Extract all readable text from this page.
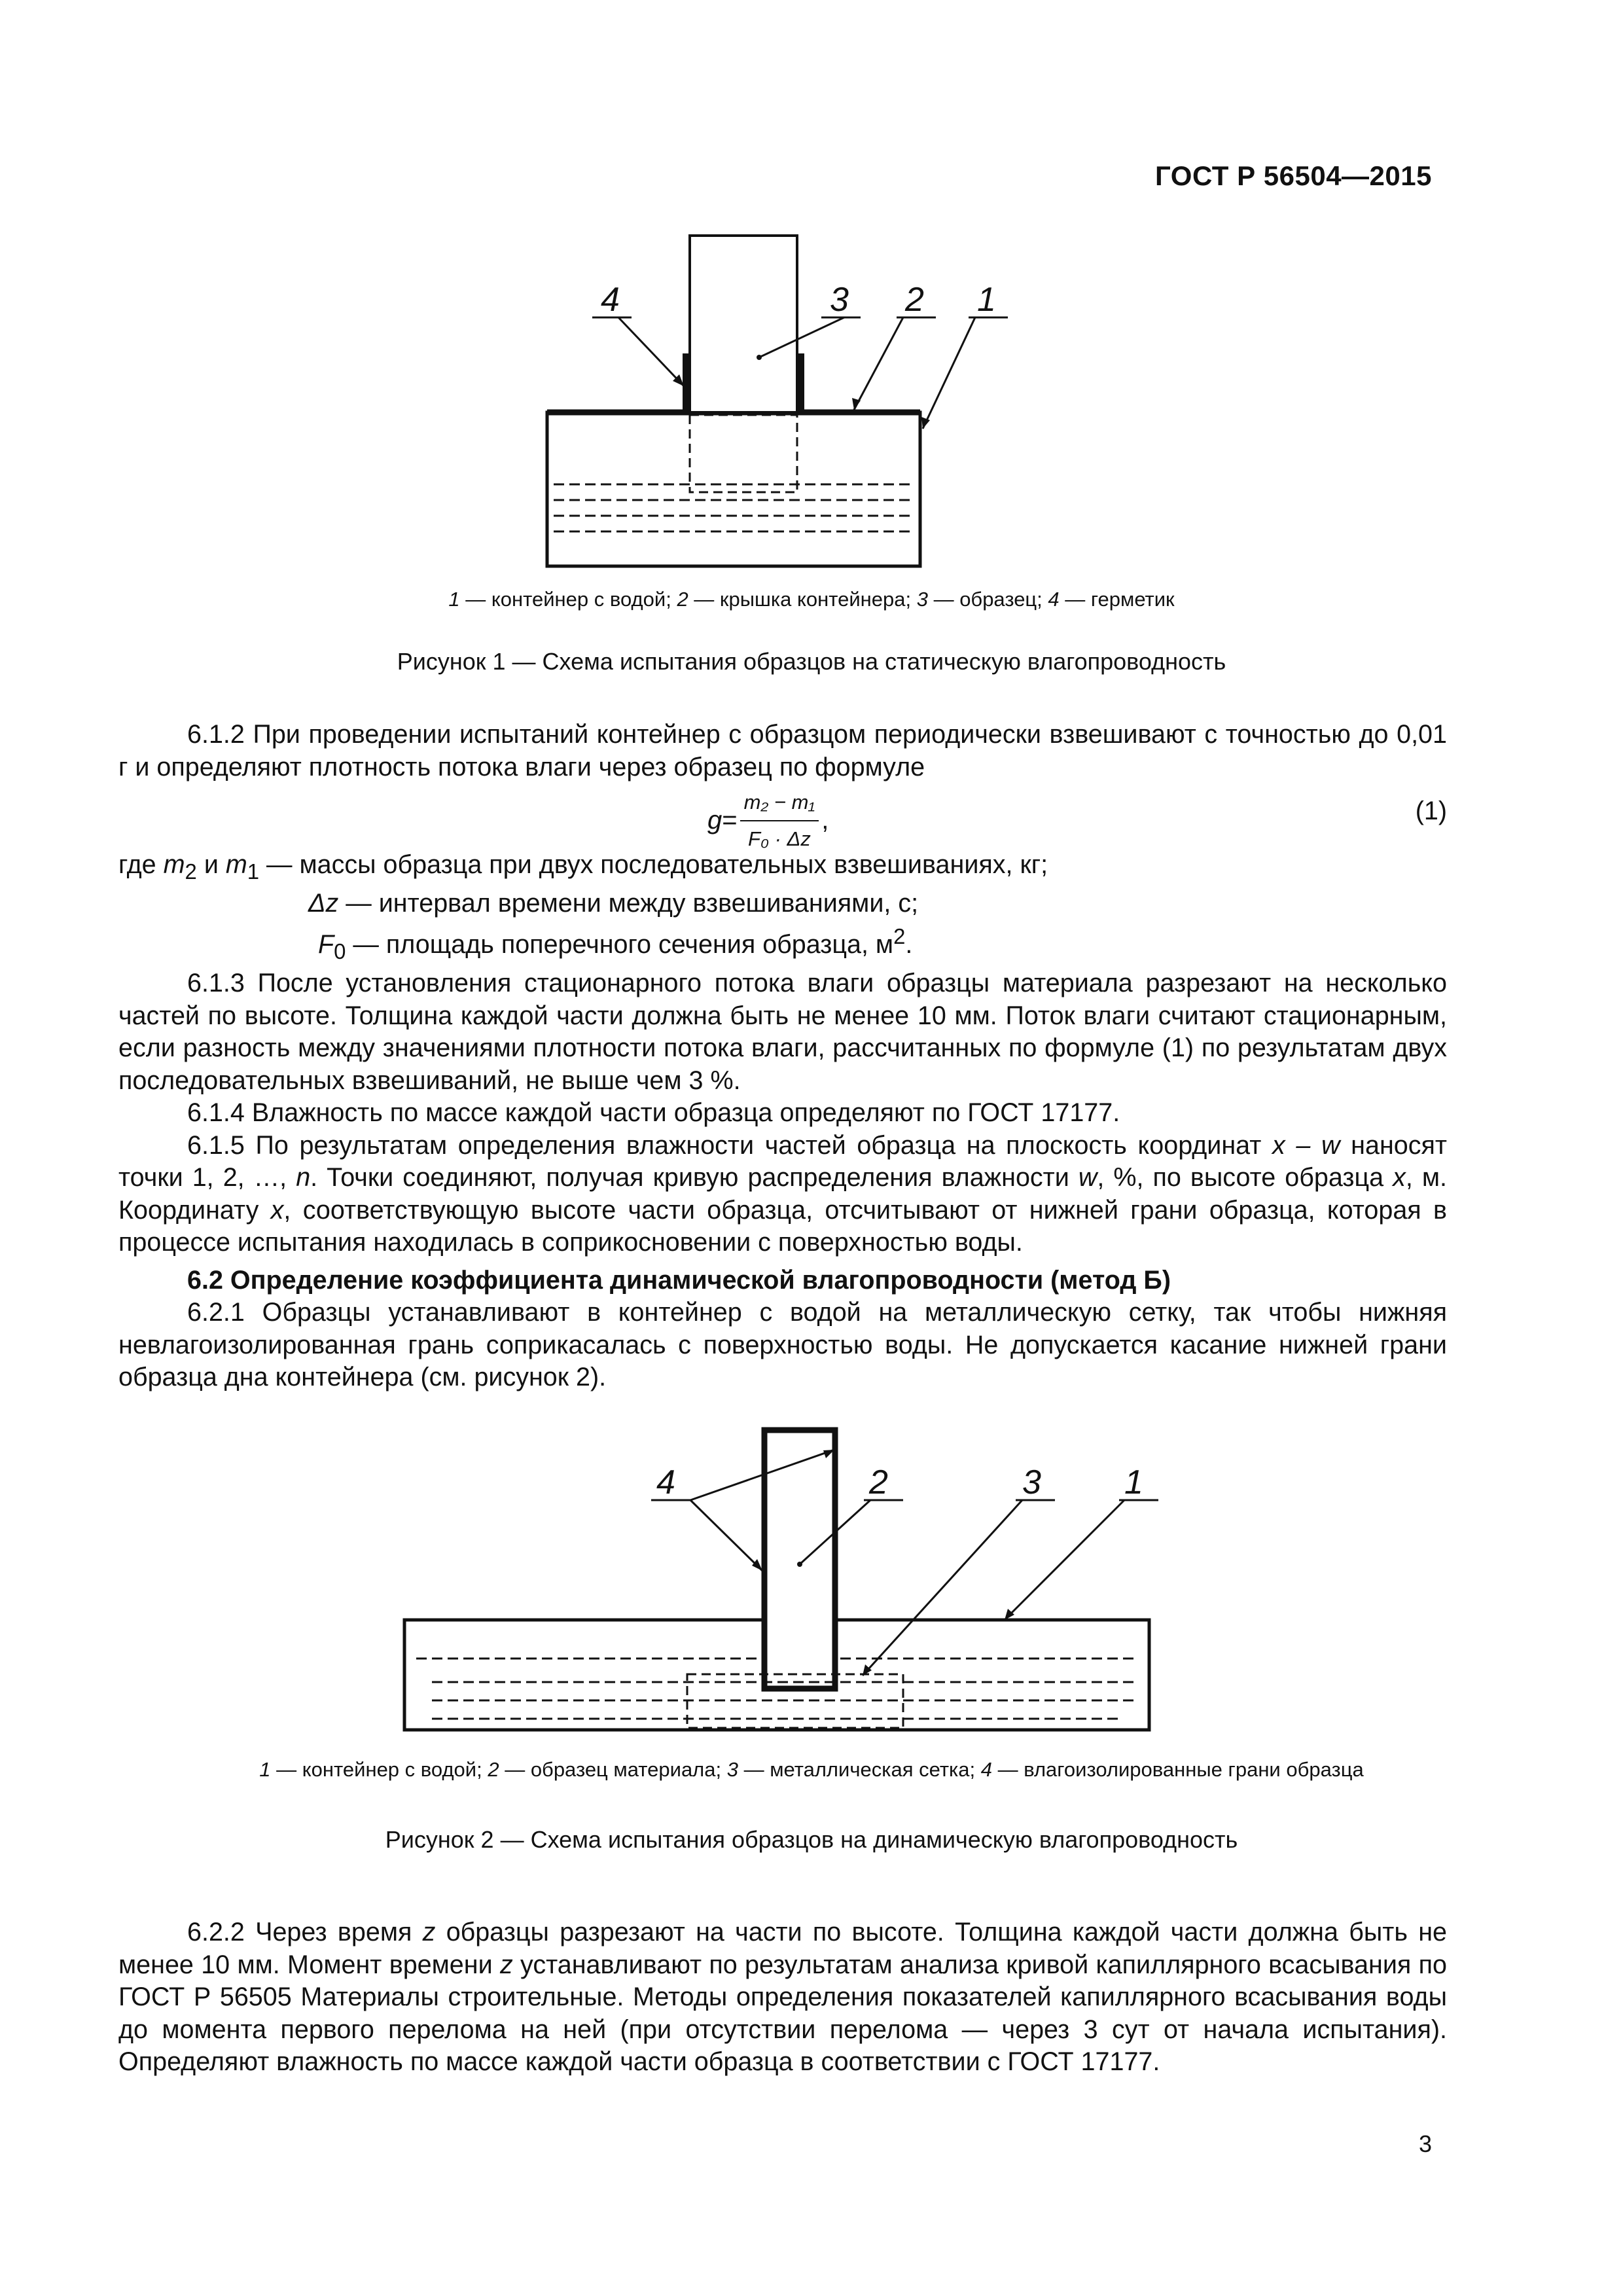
ГОСТ Р 56504—2015
4	3 2 1
1 — контейнер с водой; 2 — крышка контейнера; 3 — образец; 4 — герметик
Рисунок 1 — Схема испытания образцов на статическую влагопроводность

6.1.2 При проведении испытаний контейнер с образцом периодически взвешивают с точностью до 0,01 г и определяют плотность потока влаги через образец по формуле

$g = \frac{\text{m₂ − m₁}}{\text{F₀ · Δz}}$ ,	(1)

где $m_2$ и $m_1$ — массы образца при двух последовательных взвешиваниях, кг;

Δz — интервал времени между взвешиваниями, с;

$F_0$ — площадь поперечного сечения образца, $м^2$.

6.1.3 После установления стационарного потока влаги образцы материала разрезают на несколько частей по высоте. Толщина каждой части должна быть не менее 10 мм. Поток влаги считают стационарным, если разность между значениями плотности потока влаги, рассчитанных по формуле (1) по результатам двух последовательных взвешиваний, не выше чем 3 %.

6.1.4 Влажность по массе каждой части образца определяют по ГОСТ 17177.

6.1.5 По результатам определения влажности частей образца на плоскость координат x – w наносят точки 1, 2, …, n. Точки соединяют, получая кривую распределения влажности w, %, по высоте образца x, м. Координату x, соответствующую высоте части образца, отсчитывают от нижней грани образца, которая в процессе испытания находилась в соприкосновении с поверхностью воды.

6.2 Определение коэффициента динамической влагопроводности (метод Б)

6.2.1 Образцы устанавливают в контейнер с водой на металлическую сетку, так чтобы нижняя невлагоизолированная грань соприкасалась с поверхностью воды. Не допускается касание нижней грани образца дна контейнера (см. рисунок 2).

4	2	3 1
1 — контейнер с водой; 2 — образец материала; 3 — металлическая сетка; 4 — влагоизолированные грани образца
Рисунок 2 — Схема испытания образцов на динамическую влагопроводность

6.2.2 Через время z образцы разрезают на части по высоте. Толщина каждой части должна быть не менее 10 мм. Момент времени z устанавливают по результатам анализа кривой капиллярного всасывания по ГОСТ Р 56505 Материалы строительные. Методы определения показателей капиллярного всасывания воды до момента первого перелома на ней (при отсутствии перелома — через 3 сут от начала испытания). Определяют влажность по массе каждой части образца в соответствии с ГОСТ 17177.

3
